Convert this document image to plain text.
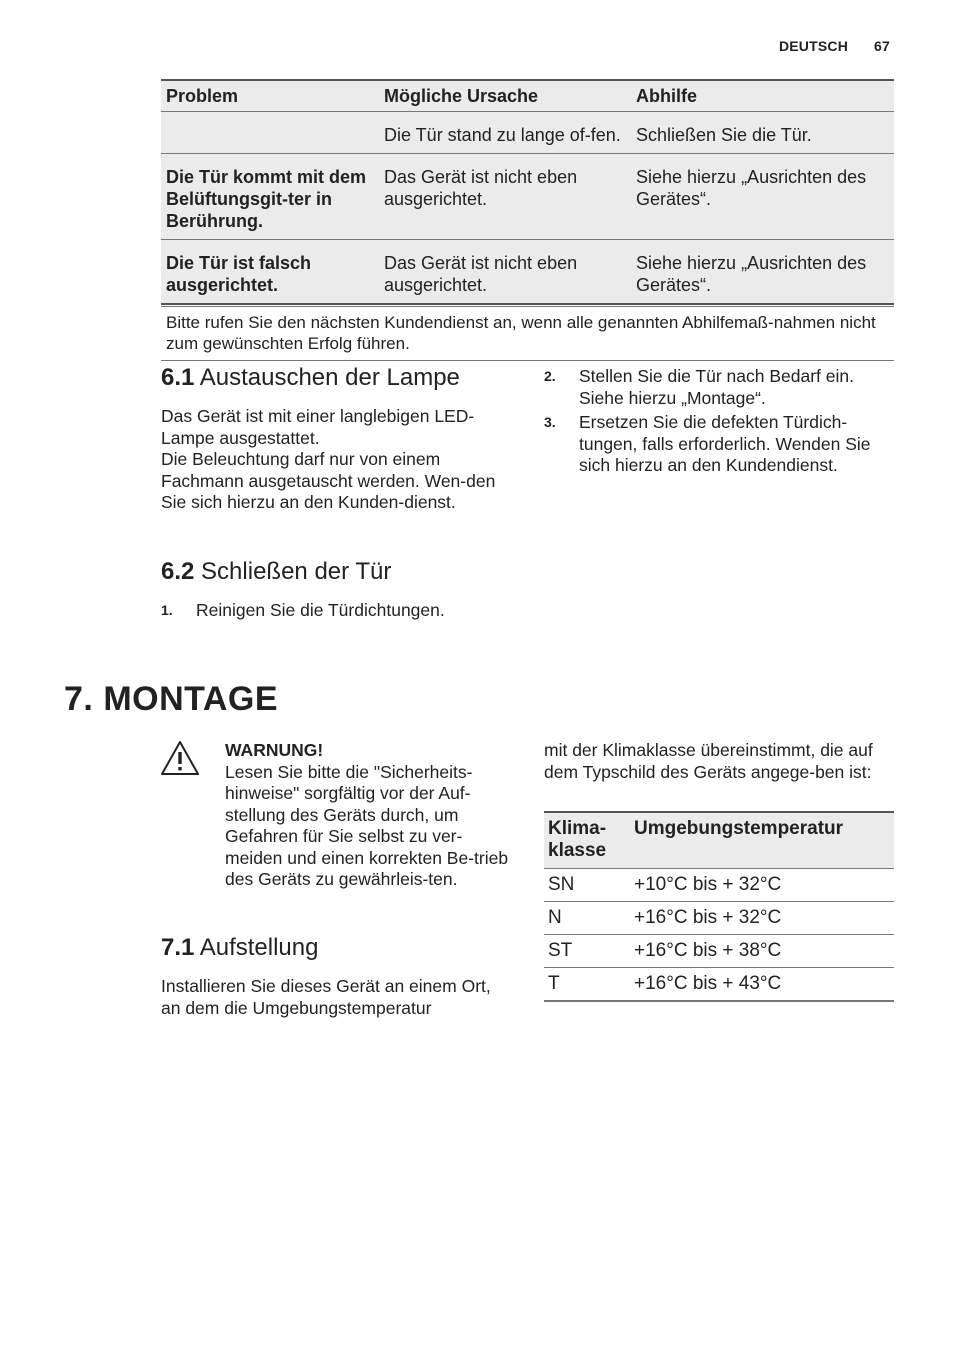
DEUTSCH 67
Problem	Mögliche Ursache	Abhilfe
	Die Tür stand zu lange of-fen.	Schließen Sie die Tür.
Die Tür kommt mit dem Belüftungsgit-ter in Berührung.	Das Gerät ist nicht eben ausgerichtet.	Siehe hierzu „Ausrichten des Gerätes“.
Die Tür ist falsch ausgerichtet.	Das Gerät ist nicht eben ausgerichtet.	Siehe hierzu „Ausrichten des Gerätes“.
Bitte rufen Sie den nächsten Kundendienst an, wenn alle genannten Abhilfemaß-nahmen nicht zum gewünschten Erfolg führen.
6.1 Austauschen der Lampe

Das Gerät ist mit einer langlebigen LED-Lampe ausgestattet.

Die Beleuchtung darf nur von einem Fachmann ausgetauscht werden. Wen-den Sie sich hierzu an den Kunden-dienst.

6.2 Schließen der Tür
1.	Reinigen Sie die Türdichtungen.
2.	Stellen Sie die Tür nach Bedarf ein. Siehe hierzu „Montage“.
3.	Ersetzen Sie die defekten Türdich-tungen, falls erforderlich. Wenden Sie sich hierzu an den Kundendienst.
7. MONTAGE
WARNUNG!
Lesen Sie bitte die "Sicherheits-hinweise" sorgfältig vor der Auf-stellung des Geräts durch, um Gefahren für Sie selbst zu ver-meiden und einen korrekten Be-trieb des Geräts zu gewährleis-ten.
7.1 Aufstellung

Installieren Sie dieses Gerät an einem Ort, an dem die Umgebungstemperatur

mit der Klimaklasse übereinstimmt, die auf dem Typschild des Geräts angege-ben ist:

Klima-klasse	Umgebungstemperatur
SN	+10°C bis + 32°C
N	+16°C bis + 32°C
ST	+16°C bis + 38°C
T	+16°C bis + 43°C
